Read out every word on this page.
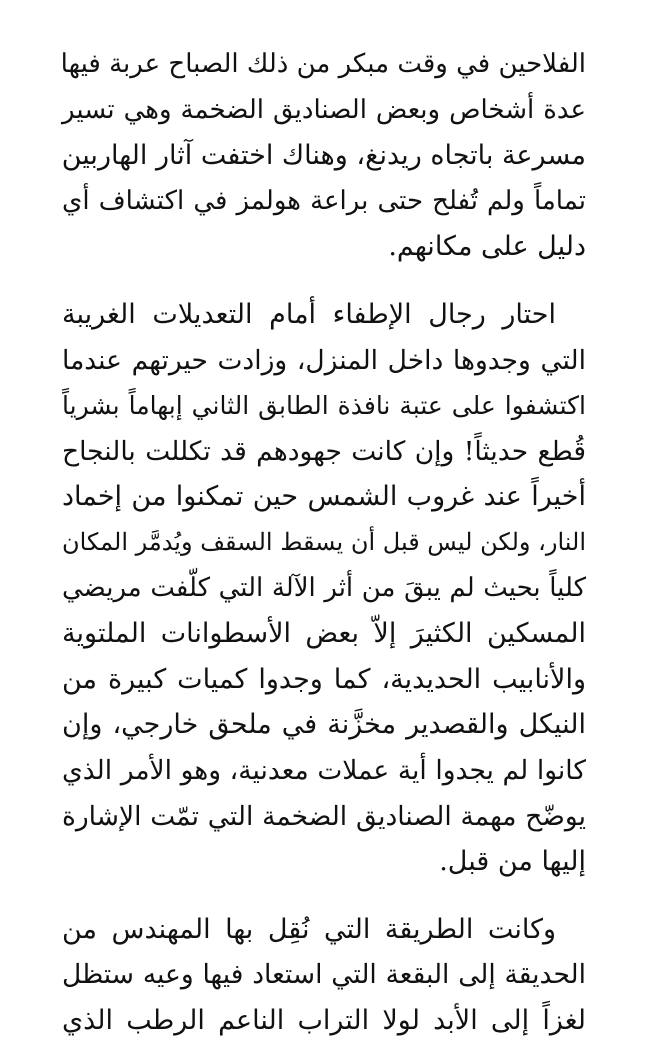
الفلاحين في وقت مبكر من ذلك الصباح عربة فيها
عدة أشخاص وبعض الصناديق الضخمة وهي تسير
مسرعة باتجاه ريدنغ، وهناك اختفت آثار الهاربين
تماماً ولم تُفلح حتى براعة هولمز في اكتشاف أي
دليل على مكانهم.

احتار رجال الإطفاء أمام التعديلات الغريبة
التي وجدوها داخل المنزل، وزادت حيرتهم عندما
اكتشفوا على عتبة نافذة الطابق الثاني إبهاماً بشرياً
قُطع حديثاً! وإن كانت جهودهم قد تكللت بالنجاح
أخيراً عند غروب الشمس حين تمكنوا من إخماد
النار، ولكن ليس قبل أن يسقط السقف ويُدمَّر المكان
كلياً بحيث لم يبقَ من أثر الآلة التي كلّفت مريضي
المسكين الكثيرَ إلاّ بعض الأسطوانات الملتوية
والأنابيب الحديدية، كما وجدوا كميات كبيرة من
النيكل والقصدير مخزَّنة في ملحق خارجي، وإن
كانوا لم يجدوا أية عملات معدنية، وهو الأمر الذي
يوضّح مهمة الصناديق الضخمة التي تمّت الإشارة
إليها من قبل.

وكانت الطريقة التي نُقِل بها المهندس من
الحديقة إلى البقعة التي استعاد فيها وعيه ستظل
لغزاً إلى الأبد لولا التراب الناعم الرطب الذي
